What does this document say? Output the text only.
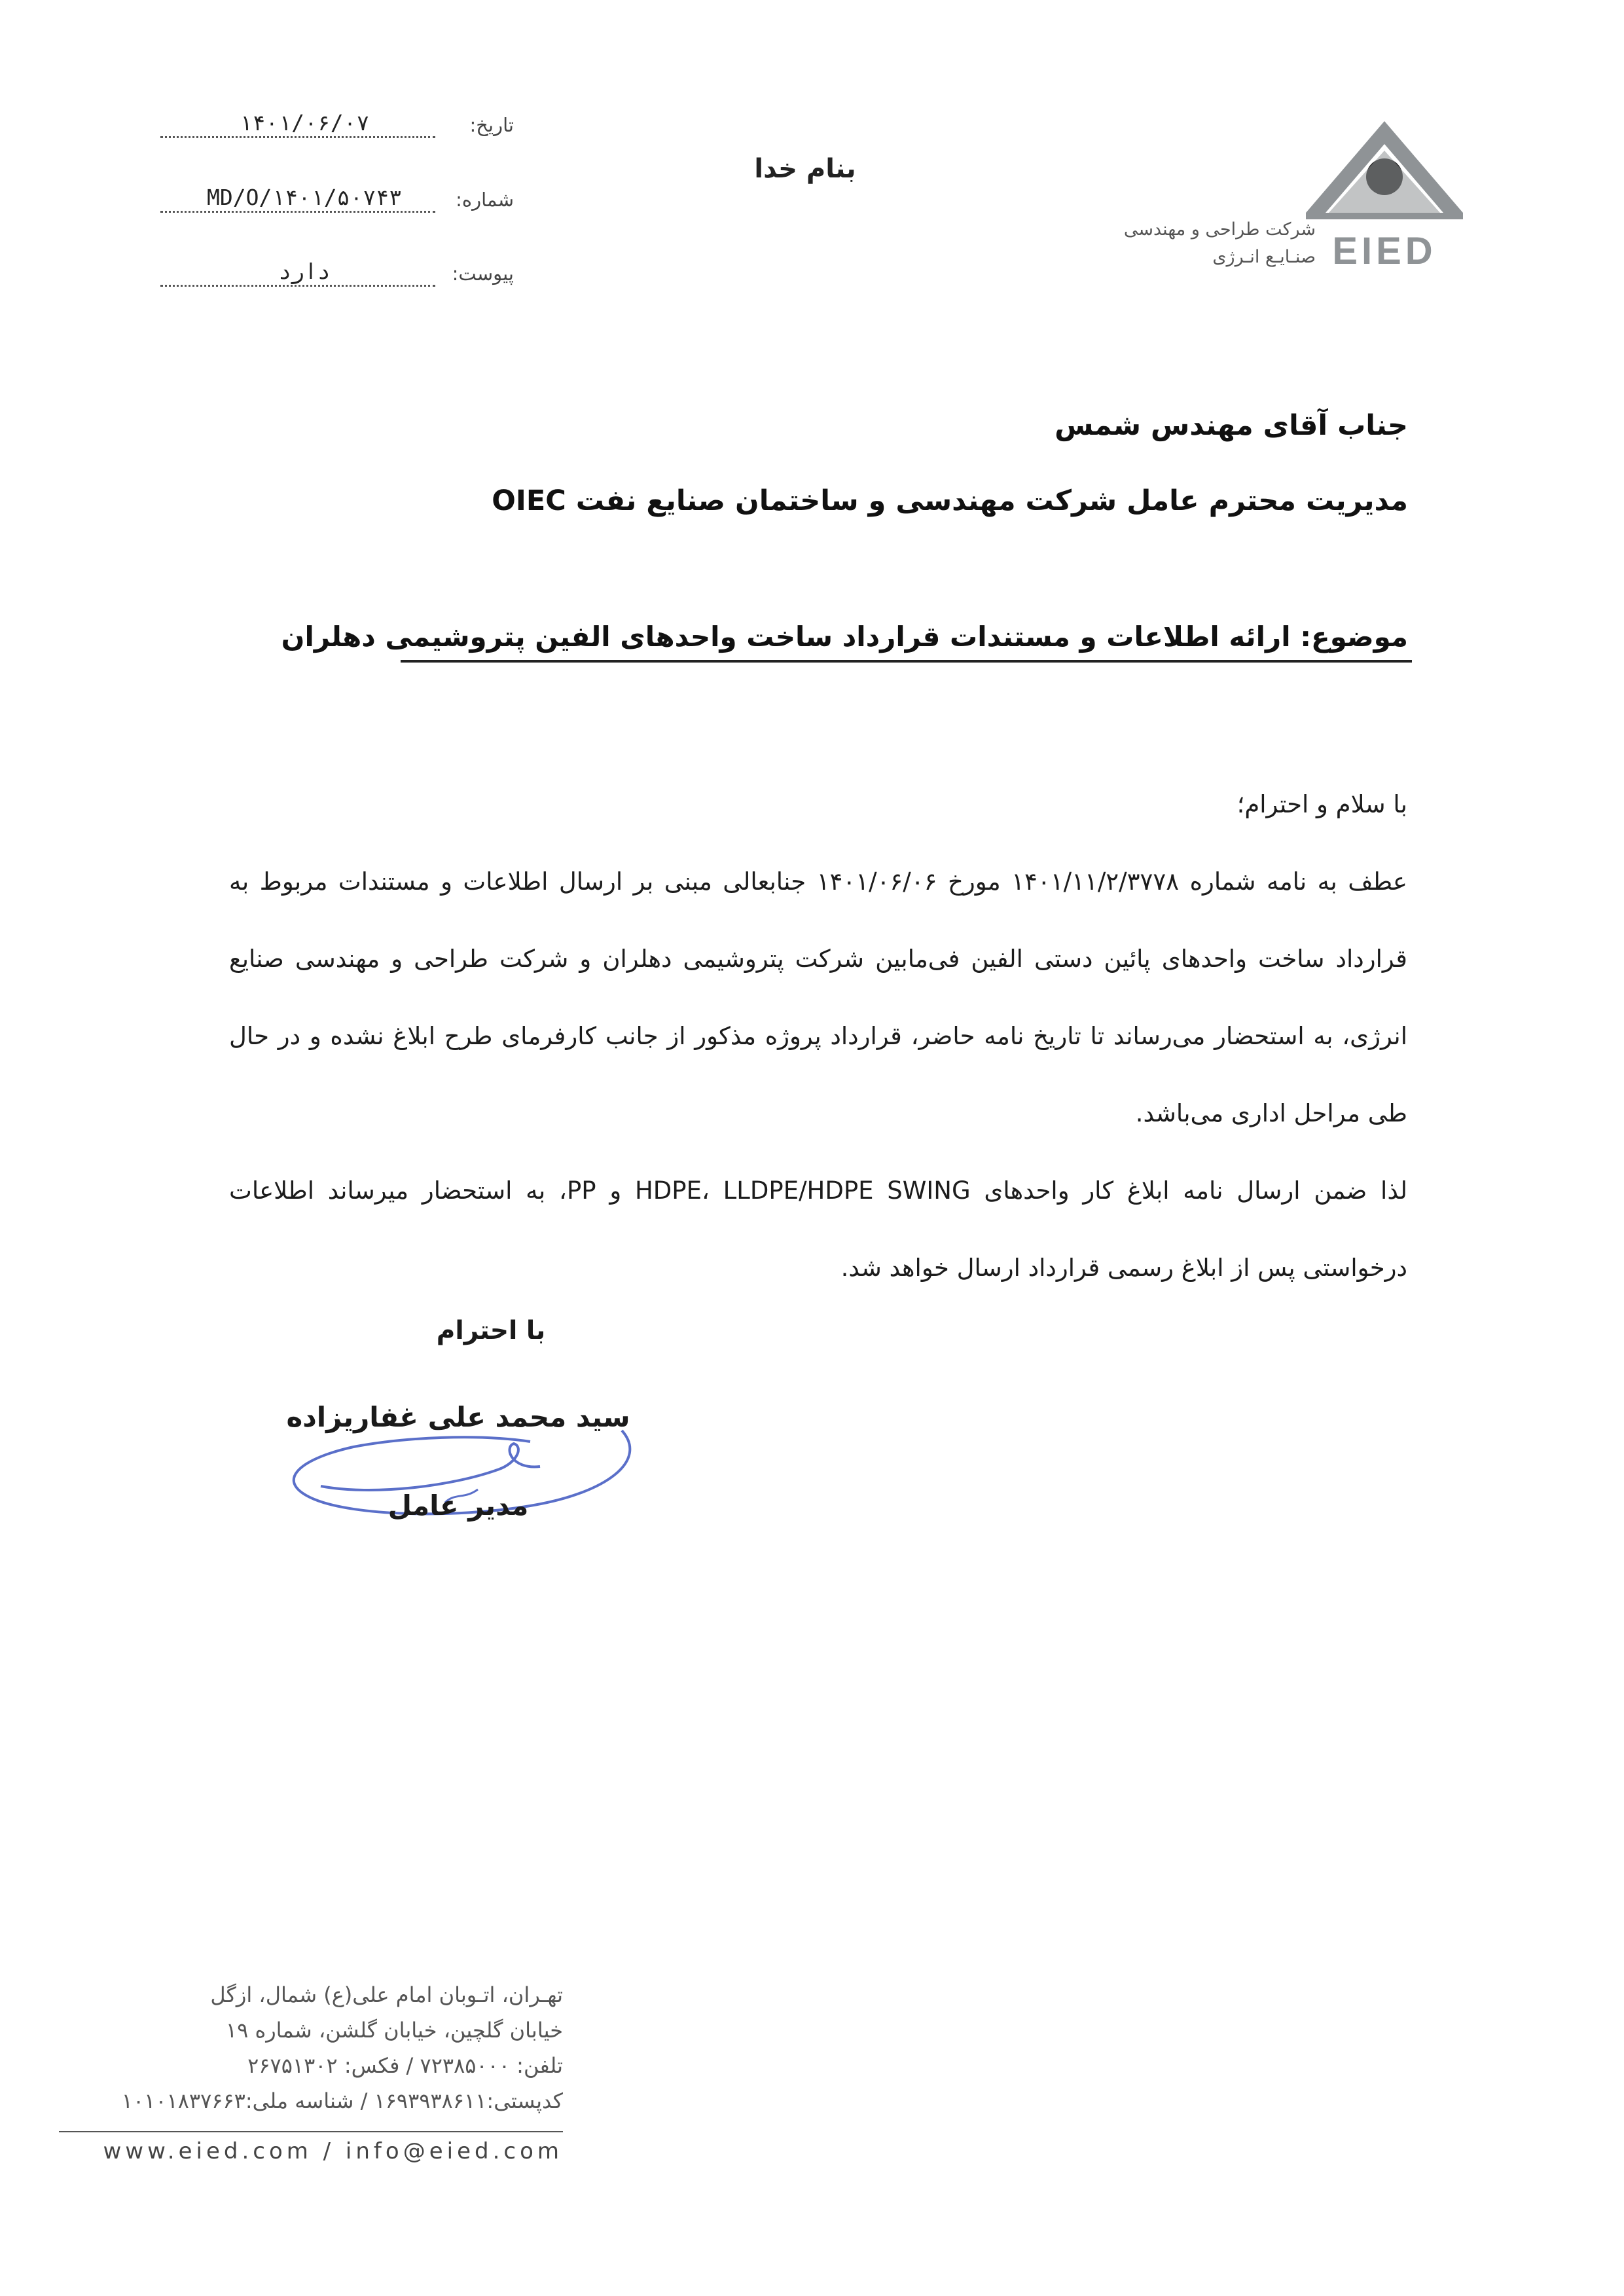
EIED
شرکت طراحی و مهندسی
صنـایـع انـرژی
بنام خدا
تاریخ:
۱۴۰۱/۰۶/۰۷
شماره:
MD/O/۱۴۰۱/۵۰۷۴۳
پیوست:
دارد
جناب آقای مهندس شمس
مدیریت محترم عامل شرکت مهندسی و ساختمان صنایع نفت OIEC
موضوع: ارائه اطلاعات و مستندات قرارداد ساخت واحدهای الفین پتروشیمی دهلران

با سلام و احترام؛

عطف به نامه شماره ۱۴۰۱/۱۱/۲/۳۷۷۸ مورخ ۱۴۰۱/۰۶/۰۶ جنابعالی مبنی بر ارسال اطلاعات و مستندات مربوط به قرارداد ساخت واحدهای پائین دستی الفین فی‌مابین شرکت پتروشیمی دهلران و شرکت طراحی و مهندسی صنایع انرژی، به استحضار می‌رساند تا تاریخ نامه حاضر، قرارداد پروژه مذکور از جانب کارفرمای طرح ابلاغ نشده و در حال طی مراحل اداری می‌باشد.

لذا ضمن ارسال نامه ابلاغ کار واحدهای HDPE، LLDPE/HDPE SWING و PP، به استحضار میرساند اطلاعات درخواستی پس از ابلاغ رسمی قرارداد ارسال خواهد شد.

با احترام
سید محمد علی غفاریزاده
مدیر عامل
تهـران، اتـوبان امام علی(ع) شمال، ازگل
خیابان گلچین، خیابان گلشن، شماره ۱۹
تلفن: ۷۲۳۸۵۰۰۰ / فکس: ۲۶۷۵۱۳۰۲
کدپستی:۱۶۹۳۹۳۸۶۱۱ / شناسه ملی:۱۰۱۰۱۸۳۷۶۶۳
www.eied.com / info@eied.com
